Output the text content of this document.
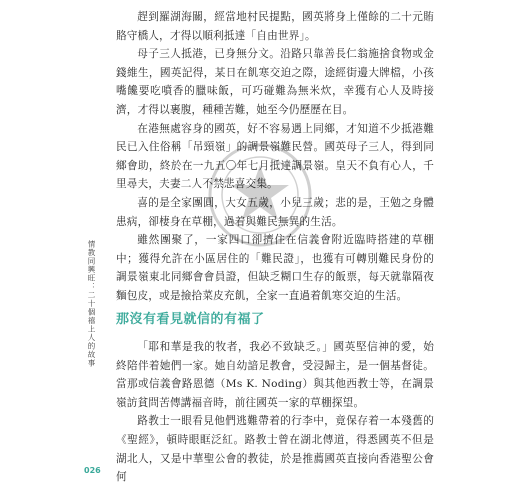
趕到羅湖海關，經當地村民提點，國英將身上僅餘的二十元賄賂守橋人，才得以順利抵達「自由世界」。

母子三人抵港，已身無分文。沿路只靠善長仁翁施捨食物或金錢維生，國英記得，某日在飢寒交迫之際，途經街邊大牌檔，小孩嘴饞要吃噴香的臘味飯，可巧碰難為無米炊，幸獲有心人及時接濟，才得以裹腹，種種苦難，她至今仍歷歷在目。

在港無處容身的國英，好不容易遇上同鄉，才知道不少抵港難民已入住俗稱「吊頸嶺」的調景嶺難民營。國英母子三人，得到同鄉會助，終於在一九五〇年七月抵達調景嶺。皇天不負有心人，千里尋夫，夫妻二人不禁悲喜交集。

喜的是全家團圓，大女五歲，小兒三歲；悲的是，王勉之身體患病，卻棲身在草棚，過着與難民無異的生活。

雖然團聚了，一家四口卻擠住在信義會附近臨時搭建的草棚中；獲得允許在小區居住的「難民證」，也獲有可轉別難民身份的調景嶺東北同鄉會會員證，但缺乏糊口生存的飯票，每天就靠隔夜麵包皮，或是撿拾菜皮充飢，全家一直過着飢寒交迫的生活。

那沒有看見就信的有福了

「耶和華是我的牧者，我必不致缺乏。」國英堅信神的愛，始終陪伴着她們一家。她自幼諳足教會，受浸歸主，是一個基督徒。當那或信義會路恩德（Ms K. Noding）與其他西教士等，在調景嶺訪貧問苦傳講福音時，前往國英一家的草棚探望。

路教士一眼看見他們逃難帶着的行李中，竟保存着一本殘舊的《聖經》，頓時眼眶泛紅。路教士曾在湖北傳道，得悉國英不但是湖北人，又是中華聖公會的教徒，於是推薦國英直接向香港聖公會何

情教同興旺：二十個禧上人的故事
026
